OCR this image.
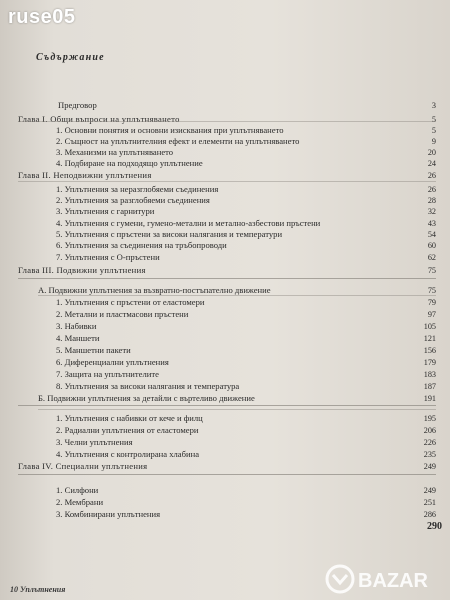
ruse05
Съдържание
Предговор	3
Глава I. Общи въпроси на уплътняването	5
1. Основни понятия и основни изисквания при уплътняването	5
2. Същност на уплътнителния ефект и елементи на уплътняването	9
3. Механизми на уплътняването	20
4. Подбиране на подходящо уплътнение	24
Глава II. Неподвижни уплътнения	26
1. Уплътнения за неразглобяеми съединения	26
2. Уплътнения за разглобяеми съединения	28
3. Уплътнения с гарнитури	32
4. Уплътнения с гумени, гумено-метални и метално-азбестови пръстени	43
5. Уплътнения с пръстени за високи налягания и температури	54
6. Уплътнения за съединения на тръбопроводи	60
7. Уплътнения с О-пръстени	62
Глава III. Подвижни уплътнения	75
А. Подвижни уплътнения за възвратно-постъпателно движение	75
1. Уплътнения с пръстени от еластомери	79
2. Метални и пластмасови пръстени	97
3. Набивки	105
4. Маншети	121
5. Маншетни пакети	156
6. Диференциални уплътнения	179
7. Защита на уплътнителите	183
8. Уплътнения за високи налягания и температура	187
Б. Подвижни уплътнения за детайли с въртеливо движение	191
1. Уплътнения с набивки от кече и филц	195
2. Радиални уплътнения от еластомери	206
3. Челни уплътнения	226
4. Уплътнения с контролирана хлабина	235
Глава IV. Специални уплътнения	249
1. Силфони	249
2. Мембрани	251
3. Комбинирани уплътнения	286
290
10 Уплътнения	BAZAR
